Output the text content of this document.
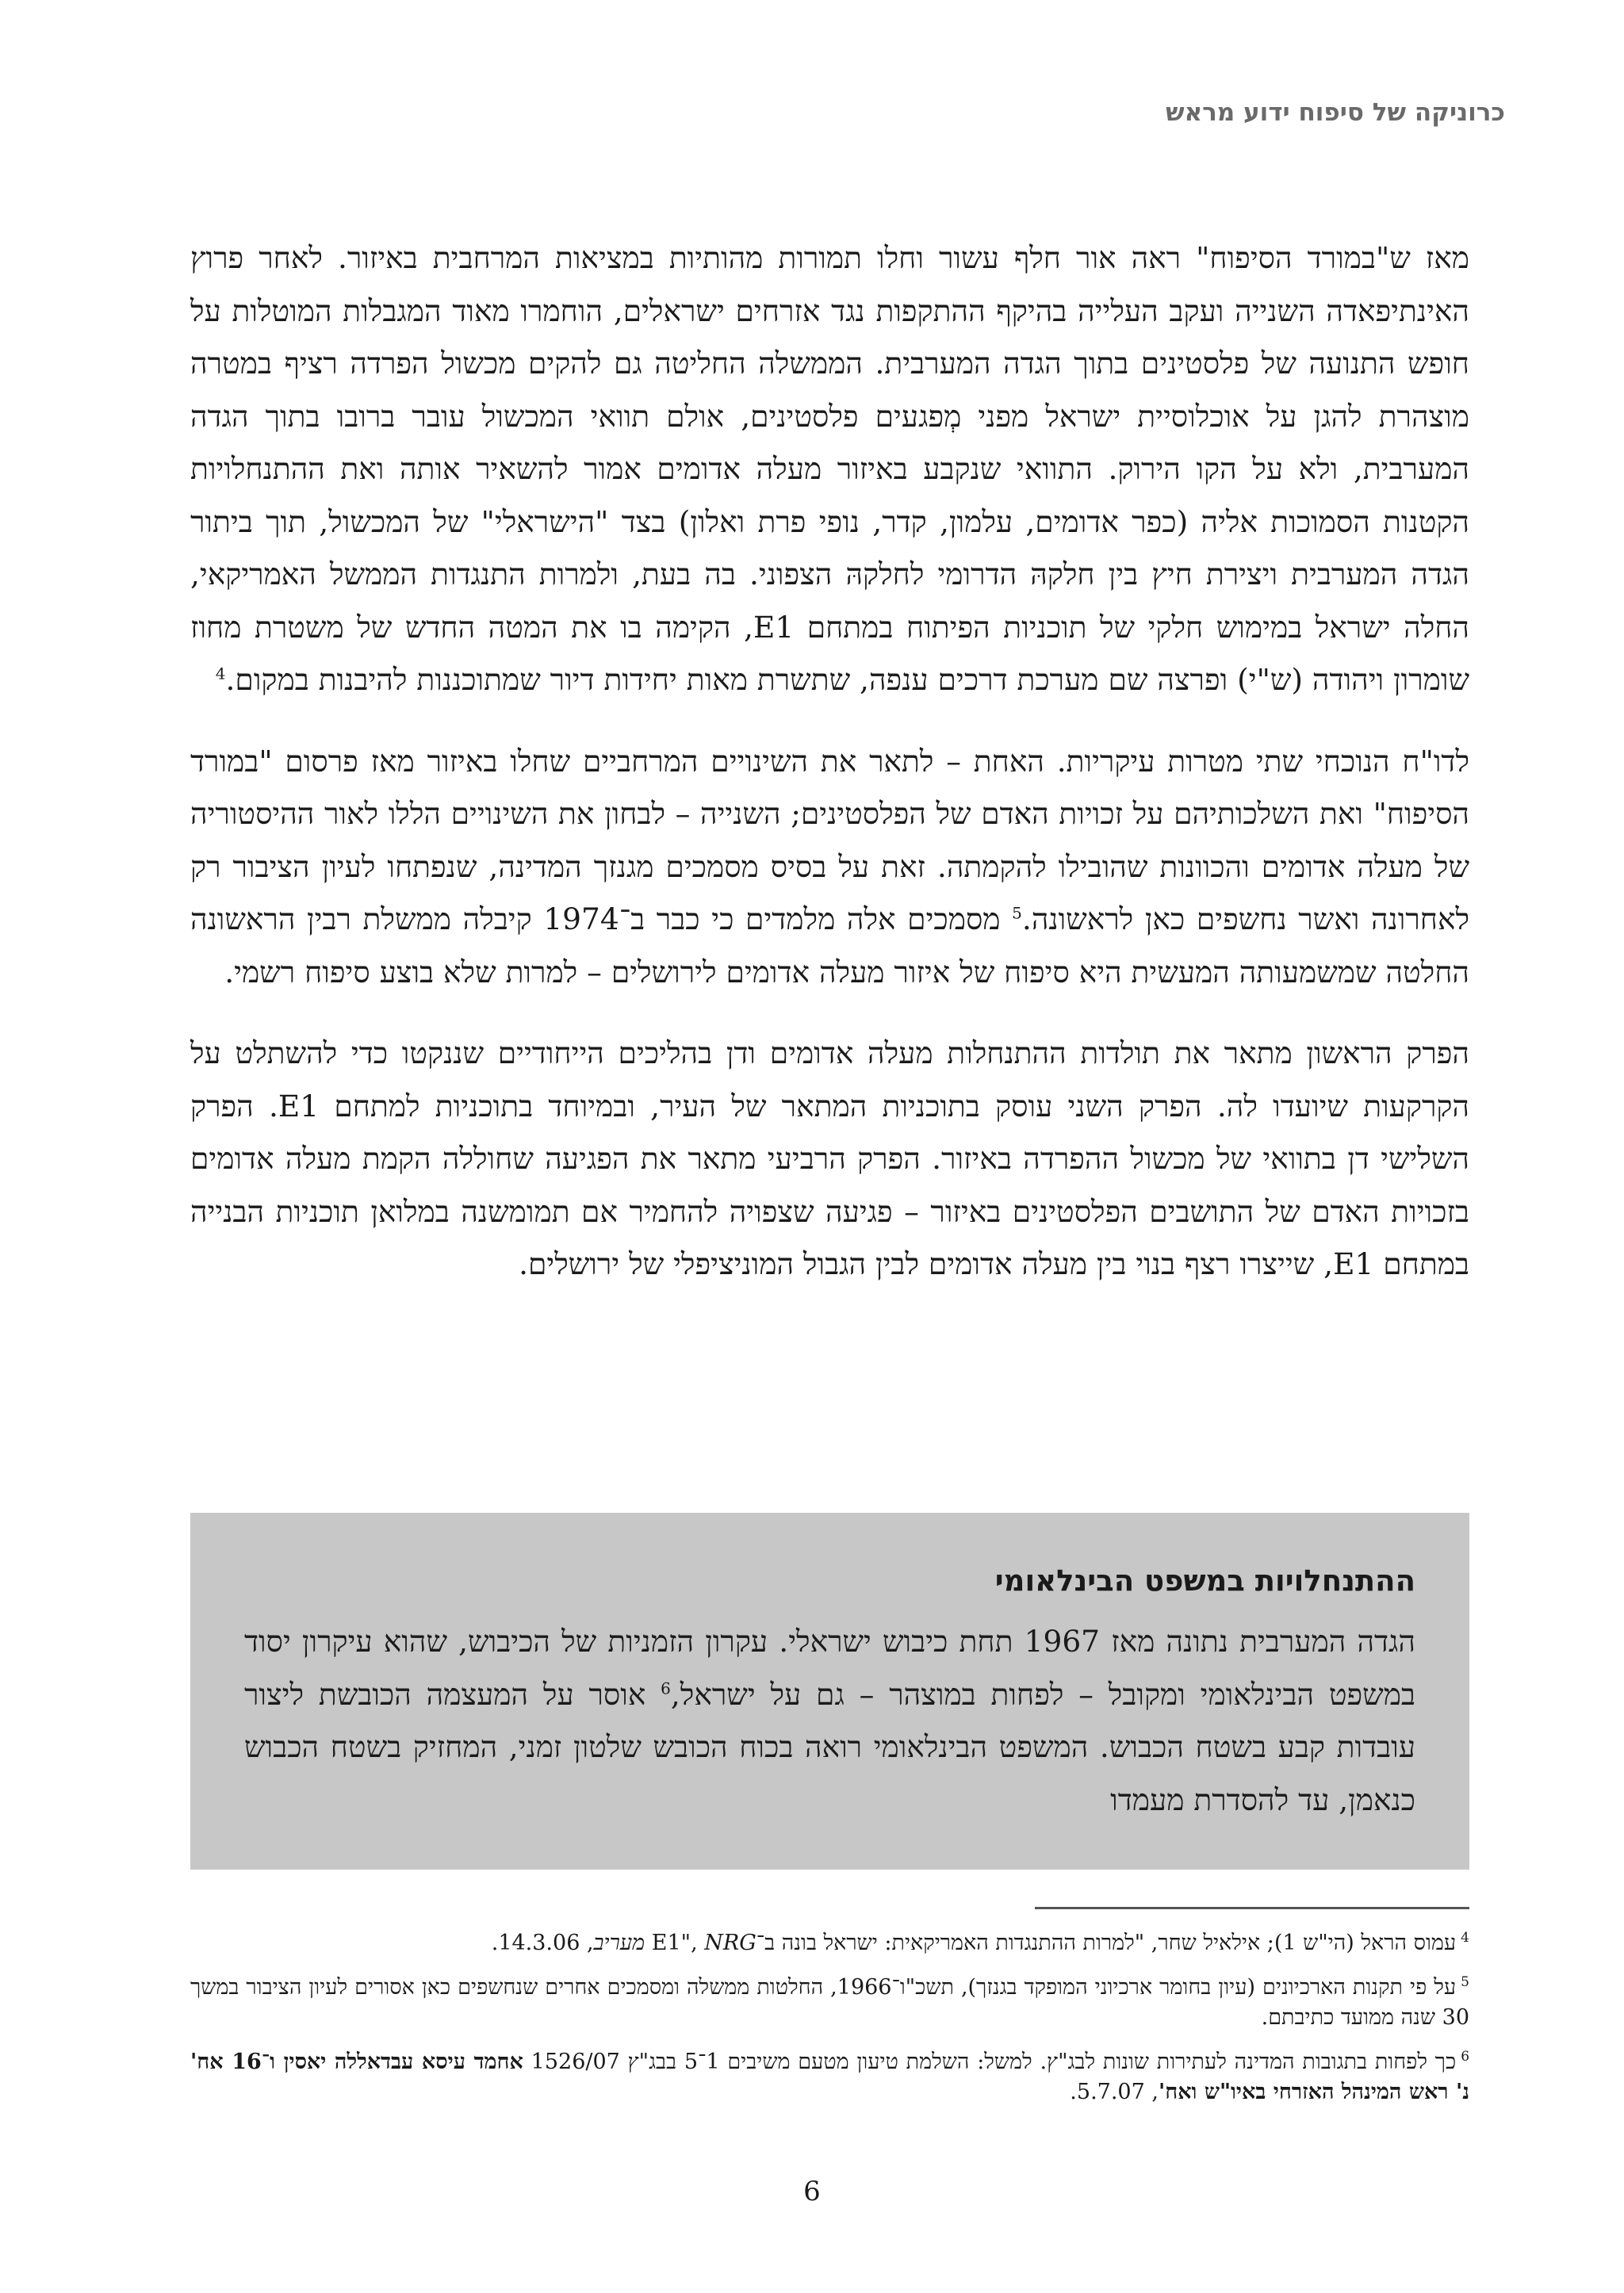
כרוניקה של סיפוח ידוע מראש

מאז ש"במורד הסיפוח" ראה אור חלף עשור וחלו תמורות מהותיות במציאות המרחבית באיזור. לאחר פרוץ האינתיפאדה השנייה ועקב העלייה בהיקף ההתקפות נגד אזרחים ישראלים, הוחמרו מאוד המגבלות המוטלות על חופש התנועה של פלסטינים בתוך הגדה המערבית. הממשלה החליטה גם להקים מכשול הפרדה רציף במטרה מוצהרת להגן על אוכלוסיית ישראל מפני מְפגעים פלסטינים, אולם תוואי המכשול עובר ברובו בתוך הגדה המערבית, ולא על הקו הירוק. התוואי שנקבע באיזור מעלה אדומים אמור להשאיר אותה ואת ההתנחלויות הקטנות הסמוכות אליה (כפר אדומים, עלמון, קדר, נופי פרת ואלון) בצד "הישראלי" של המכשול, תוך ביתור הגדה המערבית ויצירת חיץ בין חלקהּ הדרומי לחלקהּ הצפוני. בה בעת, ולמרות התנגדות הממשל האמריקאי, החלה ישראל במימוש חלקי של תוכניות הפיתוח במתחם E1, הקימה בו את המטה החדש של משטרת מחוז שומרון ויהודה (ש"י) ופרצה שם מערכת דרכים ענפה, שתשרת מאות יחידות דיור שמתוכננות להיבנות במקום.$^4$

לדו"ח הנוכחי שתי מטרות עיקריות. האחת – לתאר את השינויים המרחביים שחלו באיזור מאז פרסום "במורד הסיפוח" ואת השלכותיהם על זכויות האדם של הפלסטינים; השנייה – לבחון את השינויים הללו לאור ההיסטוריה של מעלה אדומים והכוונות שהובילו להקמתה. זאת על בסיס מסמכים מגנזך המדינה, שנפתחו לעיון הציבור רק לאחרונה ואשר נחשפים כאן לראשונה.$^5$ מסמכים אלה מלמדים כי כבר ב־1974 קיבלה ממשלת רבין הראשונה החלטה שמשמעותה המעשית היא סיפוח של איזור מעלה אדומים לירושלים – למרות שלא בוצע סיפוח רשמי.

הפרק הראשון מתאר את תולדות ההתנחלות מעלה אדומים ודן בהליכים הייחודיים שננקטו כדי להשתלט על הקרקעות שיועדו לה. הפרק השני עוסק בתוכניות המתאר של העיר, ובמיוחד בתוכניות למתחם E1. הפרק השלישי דן בתוואי של מכשול ההפרדה באיזור. הפרק הרביעי מתאר את הפגיעה שחוללה הקמת מעלה אדומים בזכויות האדם של התושבים הפלסטינים באיזור – פגיעה שצפויה להחמיר אם תמומשנה במלואן תוכניות הבנייה במתחם E1, שייצרו רצף בנוי בין מעלה אדומים לבין הגבול המוניציפלי של ירושלים.

ההתנחלויות במשפט הבינלאומי

הגדה המערבית נתונה מאז 1967 תחת כיבוש ישראלי. עקרון הזמניות של הכיבוש, שהוא עיקרון יסוד במשפט הבינלאומי ומקובל – לפחות במוצהר – גם על ישראל,$^6$ אוסר על המעצמה הכובשת ליצור עובדות קבע בשטח הכבוש. המשפט הבינלאומי רואה בכוח הכובש שלטון זמני, המחזיק בשטח הכבוש כנאמן, עד להסדרת מעמדו

$^4$עמוס הראל (הי"ש 1); אילאיל שחר, "למרות ההתנגדות האמריקאית: ישראל בונה ב־E1", NRG מעריב, 14.3.06.

$^5$על פי תקנות הארכיונים (עיון בחומר ארכיוני המופקד בגנזך), תשכ"ו־1966, החלטות ממשלה ומסמכים אחרים שנחשפים כאן אסורים לעיון הציבור במשך 30 שנה ממועד כתיבתם.

$^6$כך לפחות בתגובות המדינה לעתירות שונות לבג"ץ. למשל: השלמת טיעון מטעם משיבים 1־5 בבג"ץ 1526/07 אחמד עיסא עבדאללה יאסין ו־16 אח' נ' ראש המינהל האזרחי באיו"ש ואח', 5.7.07.

6
